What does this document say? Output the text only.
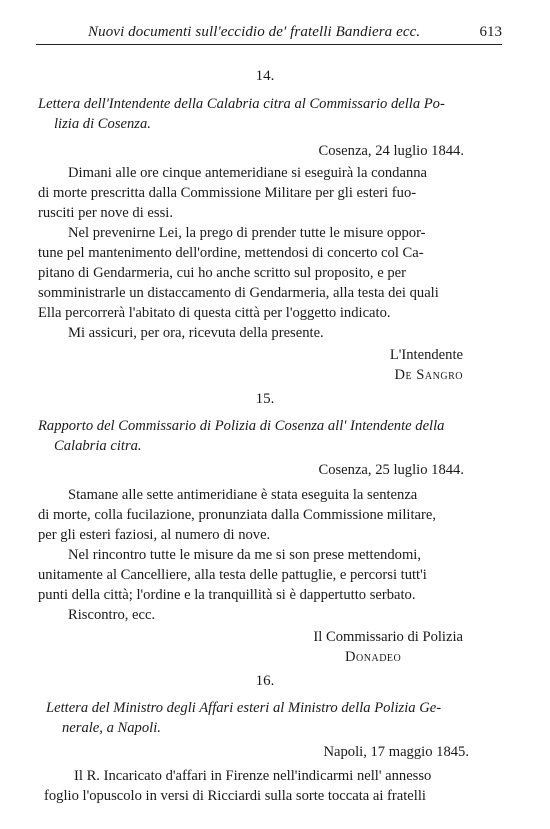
Nuovi documenti sull'eccidio de' fratelli Bandiera ecc.	613
14.
Lettera dell'Intendente della Calabria citra al Commissario della Po-
lizia di Cosenza.
Cosenza, 24 luglio 1844.
Dimani alle ore cinque antemeridiane si eseguirà la condanna
di morte prescritta dalla Commissione Militare per gli esteri fuo-
rusciti per nove di essi.
Nel prevenirne Lei, la prego di prender tutte le misure oppor-
tune pel mantenimento dell'ordine, mettendosi di concerto col Ca-
pitano di Gendarmeria, cui ho anche scritto sul proposito, e per
somministrarle un distaccamento di Gendarmeria, alla testa dei quali
Ella percorrerà l'abitato di questa città per l'oggetto indicato.
Mi assicuri, per ora, ricevuta della presente.
L'Intendente
De Sangro
15.
Rapporto del Commissario di Polizia di Cosenza all' Intendente della
Calabria citra.
Cosenza, 25 luglio 1844.
Stamane alle sette antimeridiane è stata eseguita la sentenza
di morte, colla fucilazione, pronunziata dalla Commissione militare,
per gli esteri faziosi, al numero di nove.
Nel rincontro tutte le misure da me si son prese mettendomi,
unitamente al Cancelliere, alla testa delle pattuglie, e percorsi tutt'i
punti della città; l'ordine e la tranquillità si è dappertutto serbato.
Riscontro, ecc.
Il Commissario di Polizia
Donadeo
16.
Lettera del Ministro degli Affari esteri al Ministro della Polizia Ge-
nerale, a Napoli.
Napoli, 17 maggio 1845.
Il R. Incaricato d'affari in Firenze nell'indicarmi nell' annesso
foglio l'opuscolo in versi di Ricciardi sulla sorte toccata ai fratelli
